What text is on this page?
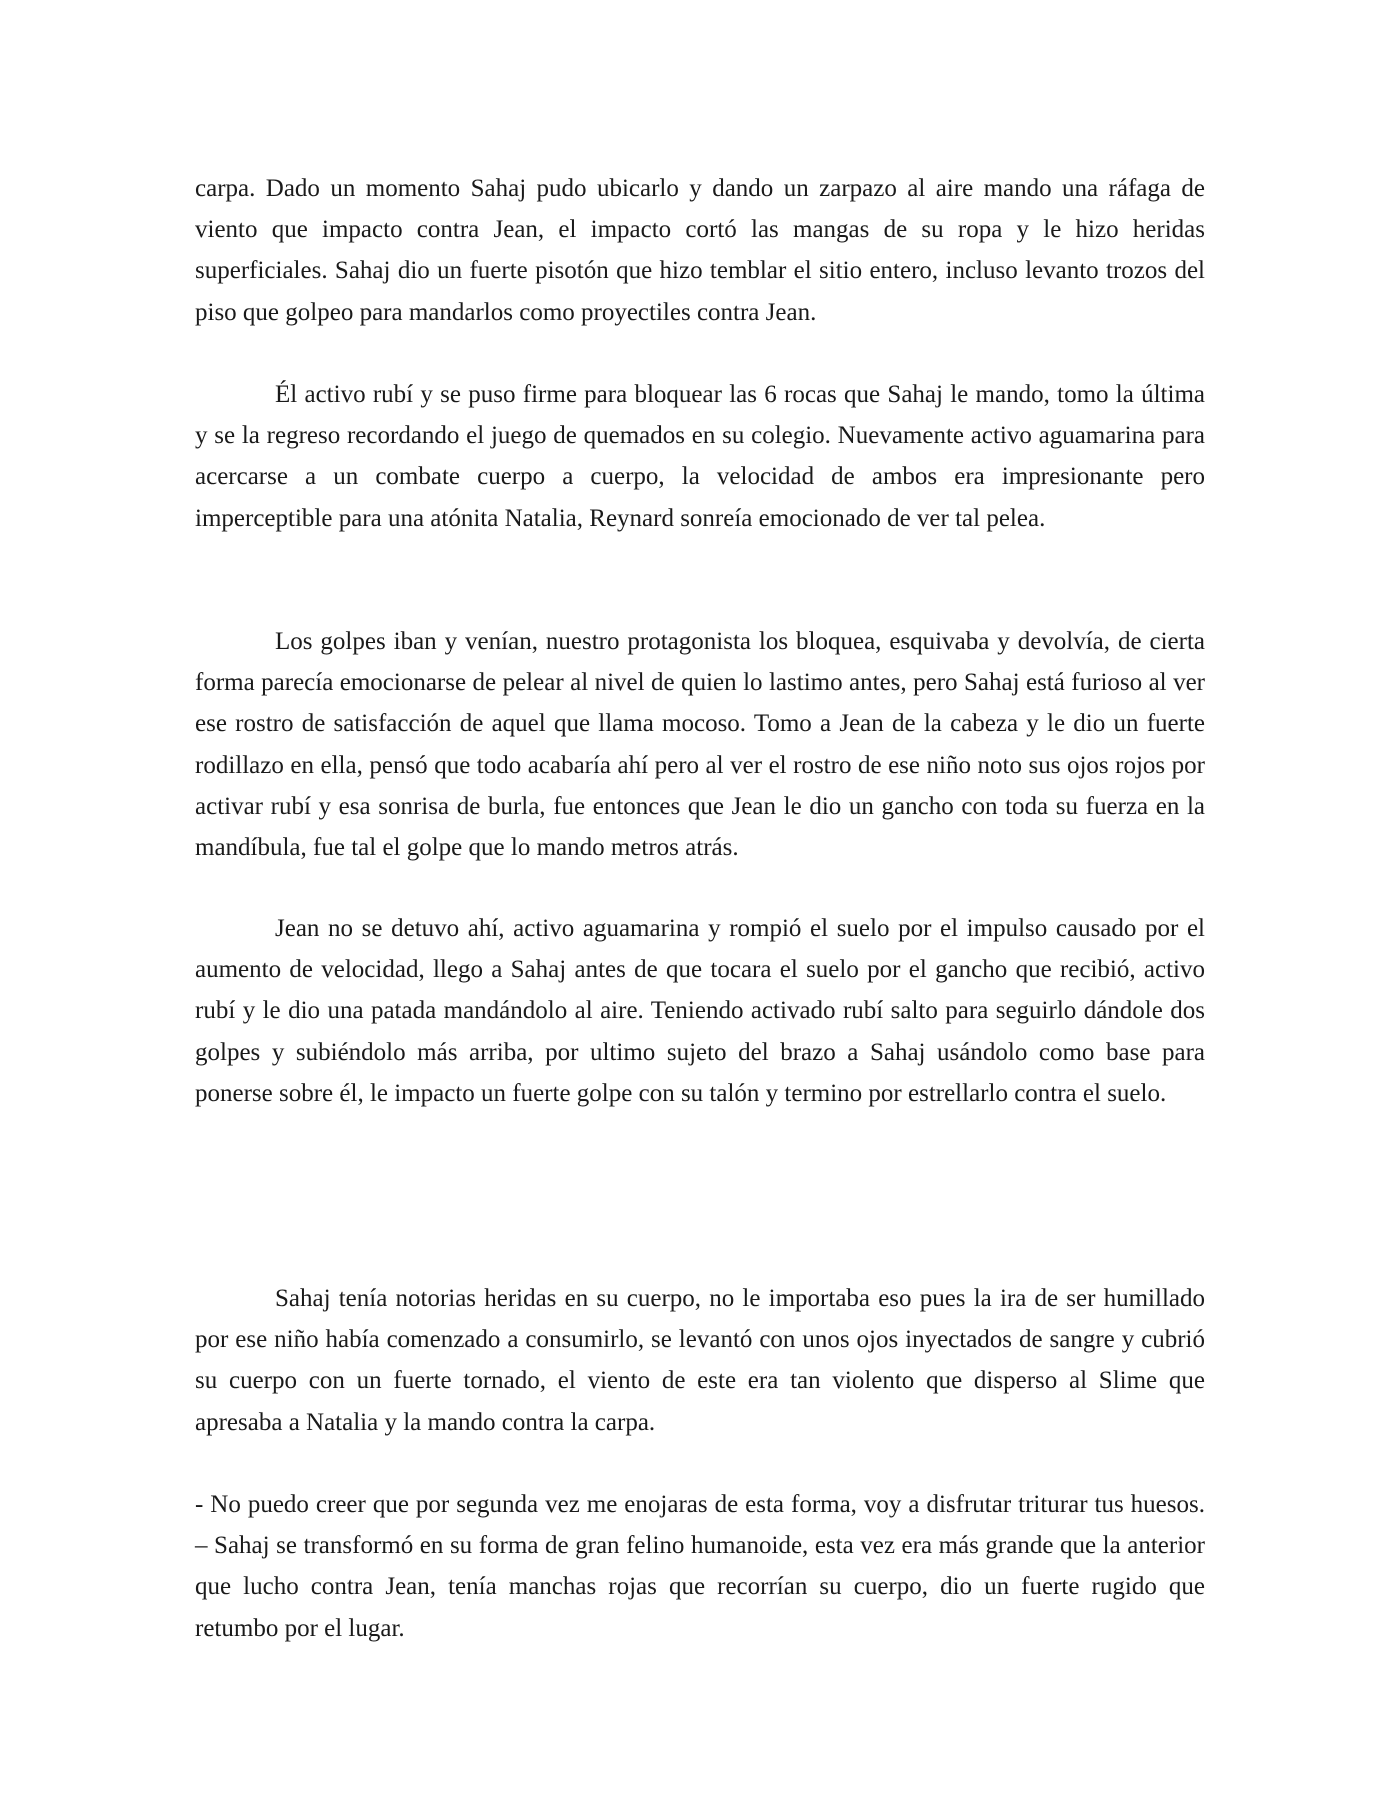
carpa. Dado un momento Sahaj pudo ubicarlo y dando un zarpazo al aire mando una ráfaga de viento que impacto contra Jean, el impacto cortó las mangas de su ropa y le hizo heridas superficiales. Sahaj dio un fuerte pisotón que hizo temblar el sitio entero, incluso levanto trozos del piso que golpeo para mandarlos como proyectiles contra Jean.

Él activo rubí y se puso firme para bloquear las 6 rocas que Sahaj le mando, tomo la última y se la regreso recordando el juego de quemados en su colegio. Nuevamente activo aguamarina para acercarse a un combate cuerpo a cuerpo, la velocidad de ambos era impresionante pero imperceptible para una atónita Natalia, Reynard sonreía emocionado de ver tal pelea.

Los golpes iban y venían, nuestro protagonista los bloquea, esquivaba y devolvía, de cierta forma parecía emocionarse de pelear al nivel de quien lo lastimo antes, pero Sahaj está furioso al ver ese rostro de satisfacción de aquel que llama mocoso. Tomo a Jean de la cabeza y le dio un fuerte rodillazo en ella, pensó que todo acabaría ahí pero al ver el rostro de ese niño noto sus ojos rojos por activar rubí y esa sonrisa de burla, fue entonces que Jean le dio un gancho con toda su fuerza en la mandíbula, fue tal el golpe que lo mando metros atrás.

Jean no se detuvo ahí, activo aguamarina y rompió el suelo por el impulso causado por el aumento de velocidad, llego a Sahaj antes de que tocara el suelo por el gancho que recibió, activo rubí y le dio una patada mandándolo al aire. Teniendo activado rubí salto para seguirlo dándole dos golpes y subiéndolo más arriba, por ultimo sujeto del brazo a Sahaj usándolo como base para ponerse sobre él, le impacto un fuerte golpe con su talón y termino por estrellarlo contra el suelo.

Sahaj tenía notorias heridas en su cuerpo, no le importaba eso pues la ira de ser humillado por ese niño había comenzado a consumirlo, se levantó con unos ojos inyectados de sangre y cubrió su cuerpo con un fuerte tornado, el viento de este era tan violento que disperso al Slime que apresaba a Natalia y la mando contra la carpa.

- No puedo creer que por segunda vez me enojaras de esta forma, voy a disfrutar triturar tus huesos. – Sahaj se transformó en su forma de gran felino humanoide, esta vez era más grande que la anterior que lucho contra Jean, tenía manchas rojas que recorrían su cuerpo, dio un fuerte rugido que retumbo por el lugar.
